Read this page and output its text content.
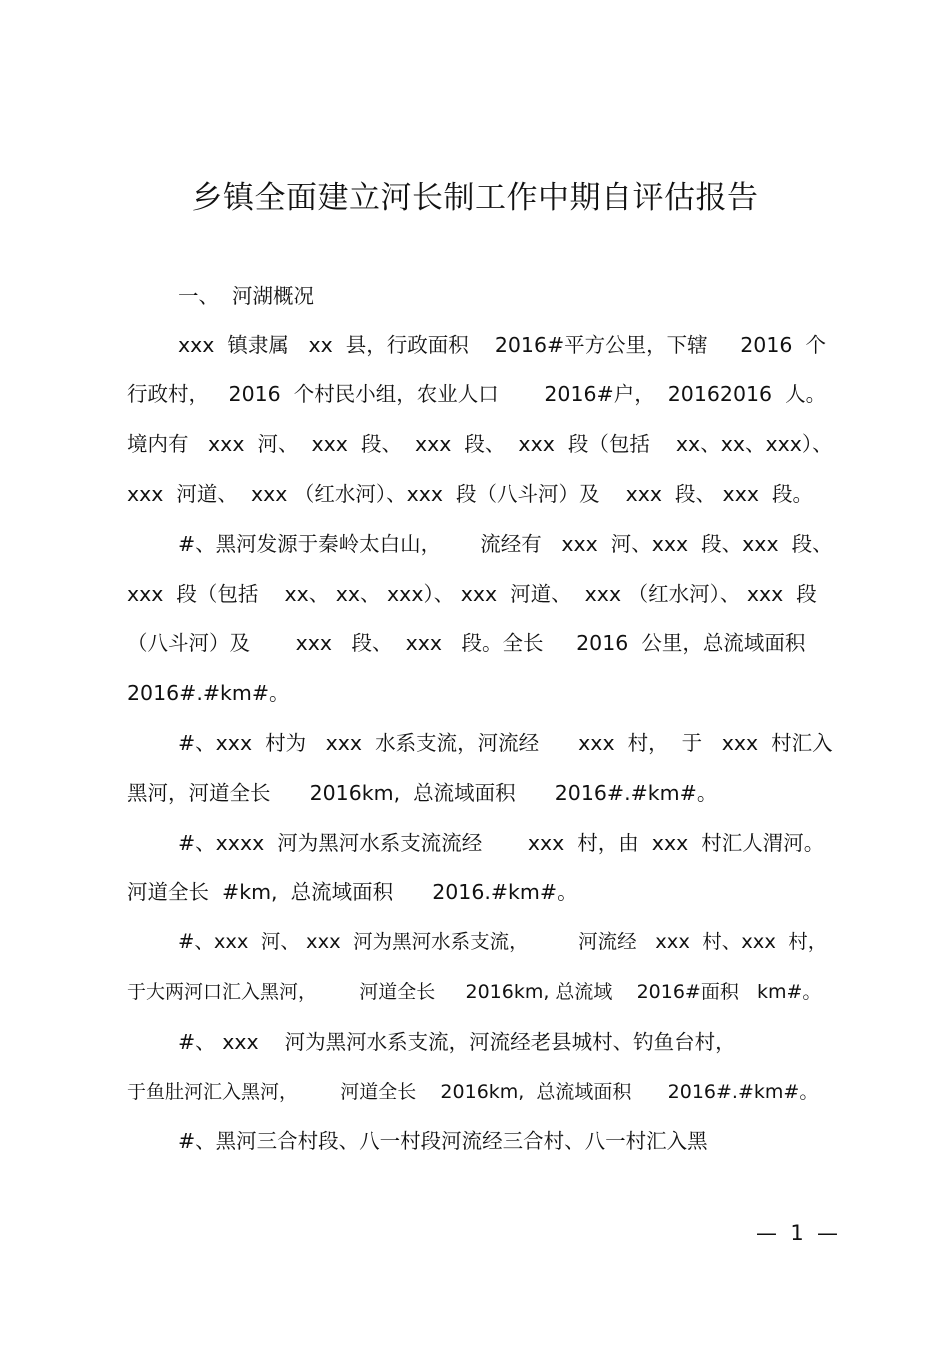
乡镇全面建立河长制工作中期自评估报告

一、  河湖概况

xxx  镇隶属   xx  县，行政面积    2016#平方公里，下辖     2016  个

行政村，   2016  个村民小组，农业人口       2016#户，  20162016  人。

境内有   xxx  河、  xxx  段、  xxx  段、  xxx  段（包括    xx、xx、xxx）、

xxx  河道、  xxx （红水河）、xxx  段（八斗河）及    xxx  段、 xxx  段。

#、黑河发源于秦岭太白山，      流经有   xxx  河、xxx  段、xxx  段、

xxx  段（包括    xx、 xx、 xxx）、 xxx  河道、  xxx （红水河）、 xxx  段

（八斗河）及       xxx   段、  xxx   段。全长     2016  公里，总流域面积

2016#.#km#。

#、xxx  村为   xxx  水系支流，河流经      xxx  村，  于   xxx  村汇入

黑河，河道全长      2016km,  总流域面积      2016#.#km#。

#、xxxx  河为黑河水系支流流经       xxx  村，由  xxx  村汇人渭河。

河道全长  #km,  总流域面积      2016.#km#。

#、xxx  河、 xxx  河为黑河水系支流，        河流经   xxx  村、xxx  村，

于大两河口汇入黑河，       河道全长     2016km, 总流域    2016#面积   km#。

#、 xxx    河为黑河水系支流，河流经老县城村、钓鱼台村，

于鱼肚河汇入黑河，       河道全长    2016km,  总流域面积      2016#.#km#。

#、黑河三合村段、八一村段河流经三合村、八一村汇入黑

—  1  —
